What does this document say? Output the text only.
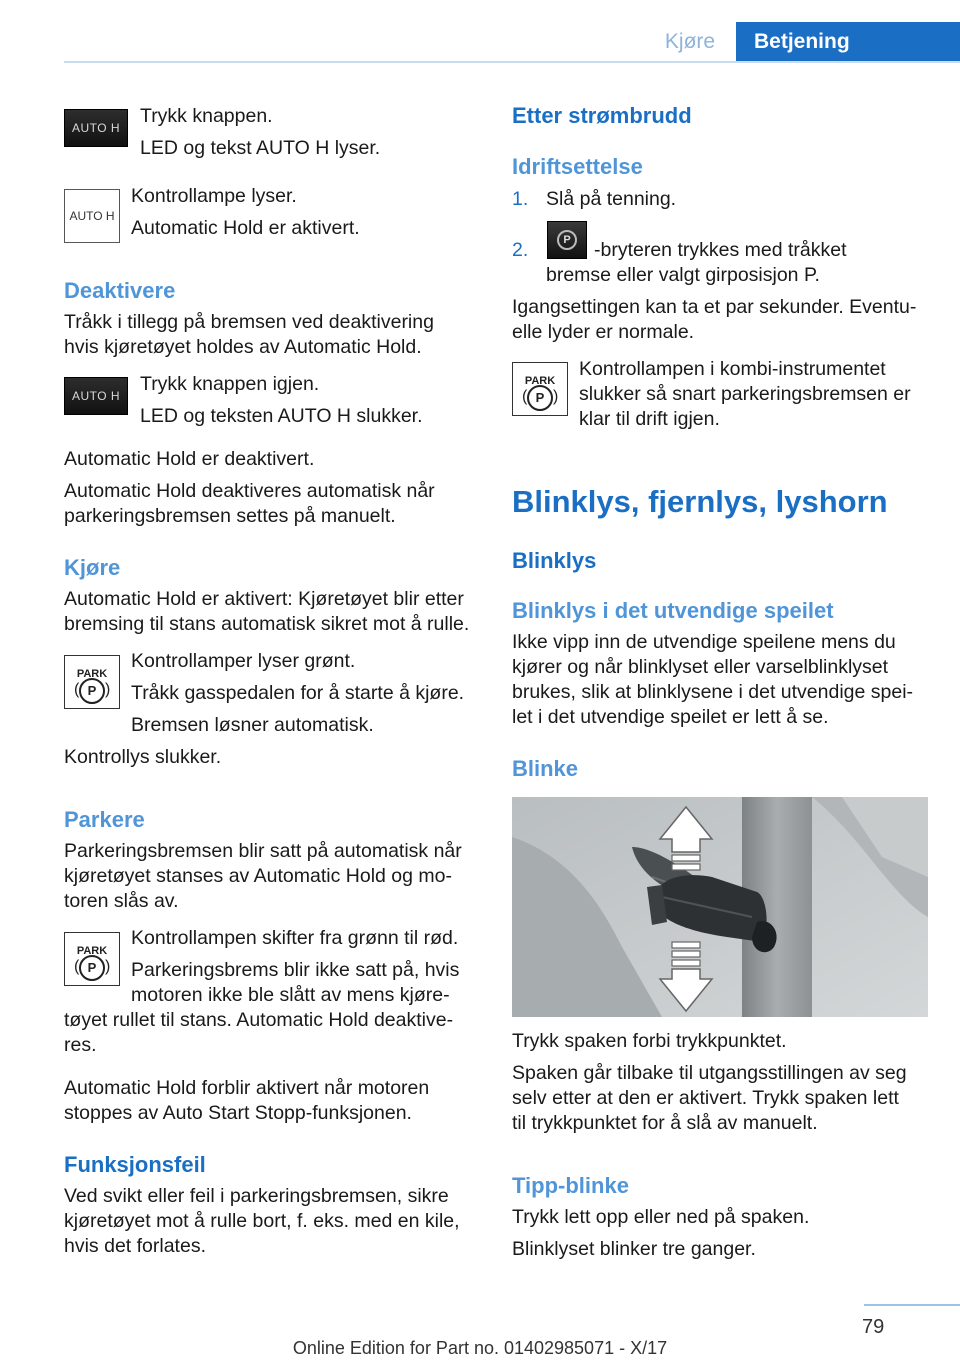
Kjøre	Betjening
AUTO H
Trykk knappen.
LED og tekst AUTO H lyser.
AUTO H
Kontrollampe lyser.
Automatic Hold er aktivert.
Deaktivere
Tråkk i tillegg på bremsen ved deaktivering
hvis kjøretøyet holdes av Automatic Hold.
AUTO H
Trykk knappen igjen.
LED og teksten AUTO H slukker.
Automatic Hold er deaktivert.
Automatic Hold deaktiveres automatisk når
parkeringsbremsen settes på manuelt.
Kjøre
Automatic Hold er aktivert: Kjøretøyet blir etter
bremsing til stans automatisk sikret mot å rulle.
PARK
( P )
Kontrollamper lyser grønt.
Tråkk gasspedalen for å starte å kjøre.
Bremsen løsner automatisk.
Kontrollys slukker.
Parkere
Parkeringsbremsen blir satt på automatisk når
kjøretøyet stanses av Automatic Hold og mo‐
toren slås av.
PARK
( P )
Kontrollampen skifter fra grønn til rød.
Parkeringsbrems blir ikke satt på, hvis
motoren ikke ble slått av mens kjøre‐
tøyet rullet til stans. Automatic Hold deaktive‐
res.
Automatic Hold forblir aktivert når motoren
stoppes av Auto Start Stopp-funksjonen.
Funksjonsfeil
Ved svikt eller feil i parkeringsbremsen, sikre
kjøretøyet mot å rulle bort, f. eks. med en kile,
hvis det forlates.
Etter strømbrudd
Idriftsettelse
1. Slå på tenning.
2.	P	-bryteren trykkes med tråkket
bremse eller valgt girposisjon P.
Igangsettingen kan ta et par sekunder. Eventu‐
elle lyder er normale.
PARK
( P )
Kontrollampen i kombi-instrumentet
slukker så snart parkeringsbremsen er
klar til drift igjen.
Blinklys, fjernlys, lyshorn
Blinklys
Blinklys i det utvendige speilet
Ikke vipp inn de utvendige speilene mens du
kjører og når blinklyset eller varselblinklyset
brukes, slik at blinklysene i det utvendige spei‐
let i det utvendige speilet er lett å se.
Blinke
Trykk spaken forbi trykkpunktet.
Spaken går tilbake til utgangsstillingen av seg
selv etter at den er aktivert. Trykk spaken lett
til trykkpunktet for å slå av manuelt.
Tipp-blinke
Trykk lett opp eller ned på spaken.
Blinklyset blinker tre ganger.
79
Online Edition for Part no. 01402985071 - X/17
